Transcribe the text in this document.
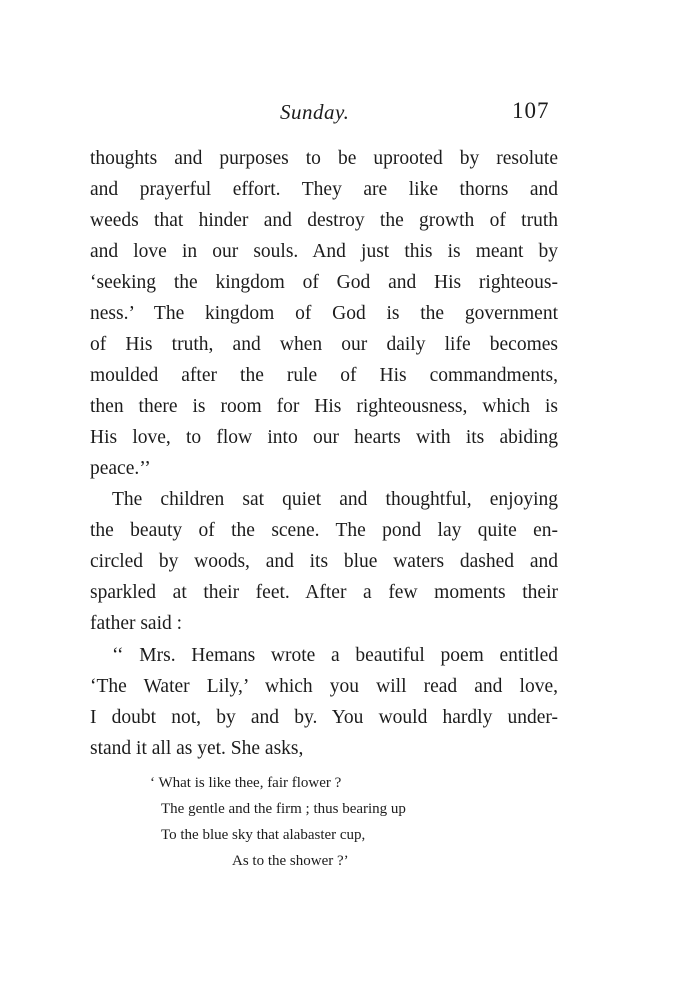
Sunday.	107
thoughts and purposes to be uprooted by resolute
and prayerful effort. They are like thorns and
weeds that hinder and destroy the growth of truth
and love in our souls. And just this is meant by
‘seeking the kingdom of God and His righteous-
ness.’ The kingdom of God is the government
of His truth, and when our daily life becomes
moulded after the rule of His commandments,
then there is room for His righteousness, which is
His love, to flow into our hearts with its abiding
peace.’’
The children sat quiet and thoughtful, enjoying
the beauty of the scene. The pond lay quite en-
circled by woods, and its blue waters dashed and
sparkled at their feet. After a few moments their
father said :
‘‘ Mrs. Hemans wrote a beautiful poem entitled
‘The Water Lily,’ which you will read and love,
I doubt not, by and by. You would hardly under-
stand it all as yet. She asks,
‘ What is like thee, fair flower ?
The gentle and the firm ; thus bearing up
To the blue sky that alabaster cup,
As to the shower ?’
